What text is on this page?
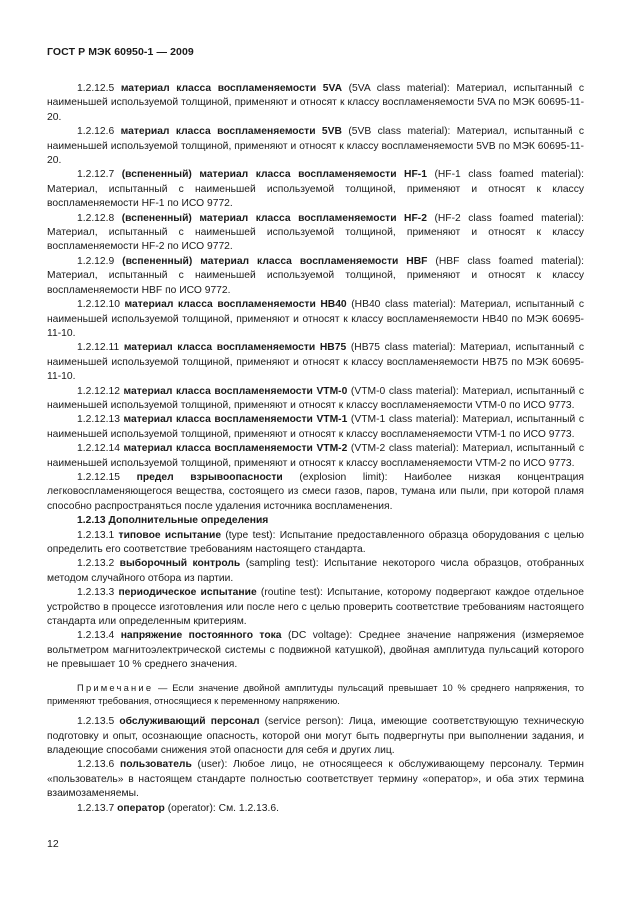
ГОСТ Р МЭК 60950-1 — 2009

1.2.12.5 материал класса воспламеняемости 5VA (5VA class material): Материал, испытанный с наименьшей используемой толщиной, применяют и относят к классу воспламеняемости 5VA по МЭК 60695-11-20.

1.2.12.6 материал класса воспламеняемости 5VB (5VB class material): Материал, испытанный с наименьшей используемой толщиной, применяют и относят к классу воспламеняемости 5VB по МЭК 60695-11-20.

1.2.12.7 (вспененный) материал класса воспламеняемости HF-1 (HF-1 class foamed material): Материал, испытанный с наименьшей используемой толщиной, применяют и относят к классу воспламеняемости HF-1 по ИСО 9772.

1.2.12.8 (вспененный) материал класса воспламеняемости HF-2 (HF-2 class foamed material): Материал, испытанный с наименьшей используемой толщиной, применяют и относят к классу воспламеняемости HF-2 по ИСО 9772.

1.2.12.9 (вспененный) материал класса воспламеняемости HBF (HBF class foamed material): Материал, испытанный с наименьшей используемой толщиной, применяют и относят к классу воспламеняемости HBF по ИСО 9772.

1.2.12.10 материал класса воспламеняемости HB40 (HB40 class material): Материал, испытанный с наименьшей используемой толщиной, применяют и относят к классу воспламеняемости HB40 по МЭК 60695-11-10.

1.2.12.11 материал класса воспламеняемости HB75 (HB75 class material): Материал, испытанный с наименьшей используемой толщиной, применяют и относят к классу воспламеняемости HB75 по МЭК 60695-11-10.

1.2.12.12 материал класса воспламеняемости VTM-0 (VTM-0 class material): Материал, испытанный с наименьшей используемой толщиной, применяют и относят к классу воспламеняемости VTM-0 по ИСО 9773.

1.2.12.13 материал класса воспламеняемости VTM-1 (VTM-1 class material): Материал, испытанный с наименьшей используемой толщиной, применяют и относят к классу воспламеняемости VTM-1 по ИСО 9773.

1.2.12.14 материал класса воспламеняемости VTM-2 (VTM-2 class material): Материал, испытанный с наименьшей используемой толщиной, применяют и относят к классу воспламеняемости VTM-2 по ИСО 9773.

1.2.12.15 предел взрывоопасности (explosion limit): Наиболее низкая концентрация легковоспламеняющегося вещества, состоящего из смеси газов, паров, тумана или пыли, при которой пламя способно распространяться после удаления источника воспламенения.

1.2.13 Дополнительные определения

1.2.13.1 типовое испытание (type test): Испытание предоставленного образца оборудования с целью определить его соответствие требованиям настоящего стандарта.

1.2.13.2 выборочный контроль (sampling test): Испытание некоторого числа образцов, отобранных методом случайного отбора из партии.

1.2.13.3 периодическое испытание (routine test): Испытание, которому подвергают каждое отдельное устройство в процессе изготовления или после него с целью проверить соответствие требованиям настоящего стандарта или определенным критериям.

1.2.13.4 напряжение постоянного тока (DC voltage): Среднее значение напряжения (измеряемое вольтметром магнитоэлектрической системы с подвижной катушкой), двойная амплитуда пульсаций которого не превышает 10 % среднего значения.

Примечание — Если значение двойной амплитуды пульсаций превышает 10 % среднего напряжения, то применяют требования, относящиеся к переменному напряжению.

1.2.13.5 обслуживающий персонал (service person): Лица, имеющие соответствующую техническую подготовку и опыт, осознающие опасность, которой они могут быть подвергнуты при выполнении задания, и владеющие способами снижения этой опасности для себя и других лиц.

1.2.13.6 пользователь (user): Любое лицо, не относящееся к обслуживающему персоналу. Термин «пользователь» в настоящем стандарте полностью соответствует термину «оператор», и оба этих термина взаимозаменяемы.

1.2.13.7 оператор (operator): См. 1.2.13.6.

12
